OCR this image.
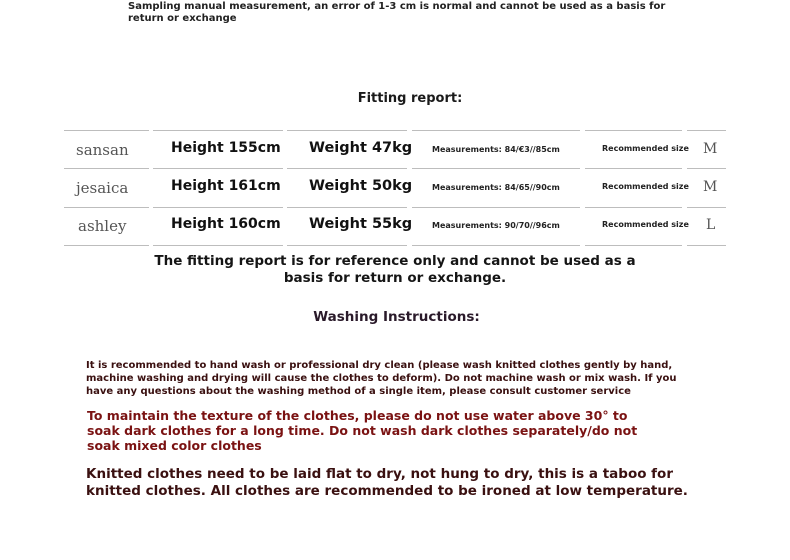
Sampling manual measurement, an error of 1-3 cm is normal and cannot be used as a basis for return or exchange
Fitting report:
sansan	Height 155cm Weight 47kg Measurements: 84/€3//85cm	Recommended size M
jesaica	Height 161cm Weight 50kg Measurements: 84/65//90cm	Recommended size M
ashley	Height 160cm Weight 55kg Measurements: 90/70//96cm	Recommended size L
The fitting report is for reference only and cannot be used as a basis for return or exchange.
Washing Instructions:
It is recommended to hand wash or professional dry clean (please wash knitted clothes gently by hand, machine washing and drying will cause the clothes to deform). Do not machine wash or mix wash. If you have any questions about the washing method of a single item, please consult customer service
To maintain the texture of the clothes, please do not use water above 30° to soak dark clothes for a long time. Do not wash dark clothes separately/do not soak mixed color clothes
Knitted clothes need to be laid flat to dry, not hung to dry, this is a taboo for knitted clothes. All clothes are recommended to be ironed at low temperature.
